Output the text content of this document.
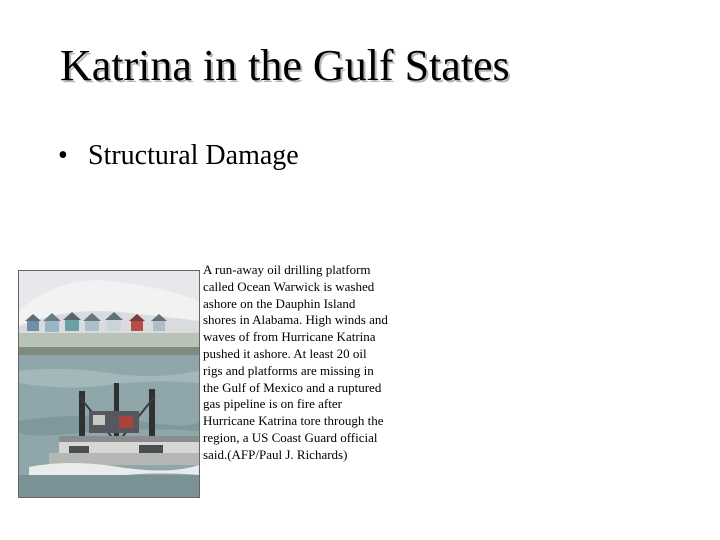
Katrina in the Gulf States
• Structural Damage
A run-away oil drilling platform called Ocean Warwick is washed ashore on the Dauphin Island shores in Alabama. High winds and waves of from Hurricane Katrina pushed it ashore. At least 20 oil rigs and platforms are missing in the Gulf of Mexico and a ruptured gas pipeline is on fire after Hurricane Katrina tore through the region, a US Coast Guard official said.(AFP/Paul J. Richards)
